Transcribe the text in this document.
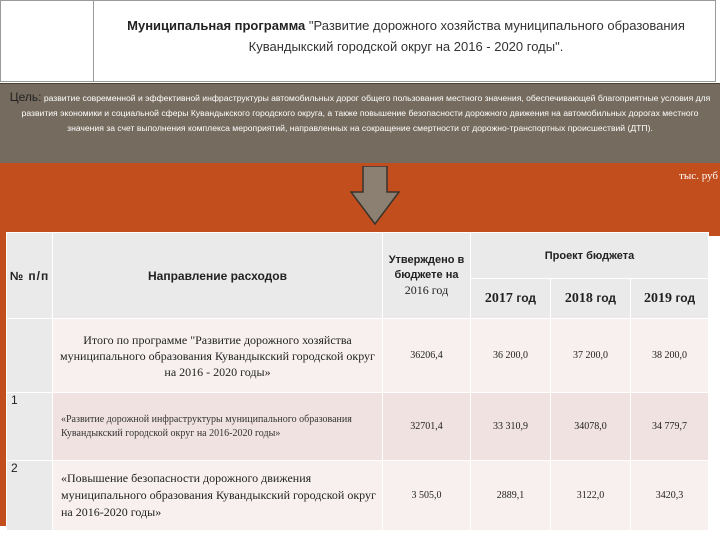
Муниципальная программа "Развитие дорожного хозяйства муниципального образования
Кувандыкский городской округ на 2016 - 2020 годы".
Цель: развитие современной и эффективной инфраструктуры автомобильных дорог общего пользования местного значения, обеспечивающей благоприятные условия для развития экономики и социальной сферы Кувандыкского городского округа, а также повышение безопасности дорожного движения на автомобильных дорогах местного значения за счет выполнения комплекса мероприятий, направленных на сокращение смертности от дорожно-транспортных происшествий (ДТП).
тыс. руб
№ п/п	Направление расходов	Утверждено в бюджете на
2016 год	Проект бюджета		
			2017 год	2018 год	2019 год
	Итого по программе "Развитие дорожного хозяйства муниципального образования Кувандыкский городской округ на 2016 - 2020 годы»	36206,4	36 200,0	37 200,0	38 200,0
1	«Развитие дорожной инфраструктуры муниципального образования Кувандыкский городской округ на 2016-2020 годы»	32701,4	33 310,9	34078,0	34 779,7
2	«Повышение безопасности дорожного движения муниципального образования Кувандыкский городской округ на 2016-2020 годы»	3 505,0	2889,1	3122,0	3420,3
